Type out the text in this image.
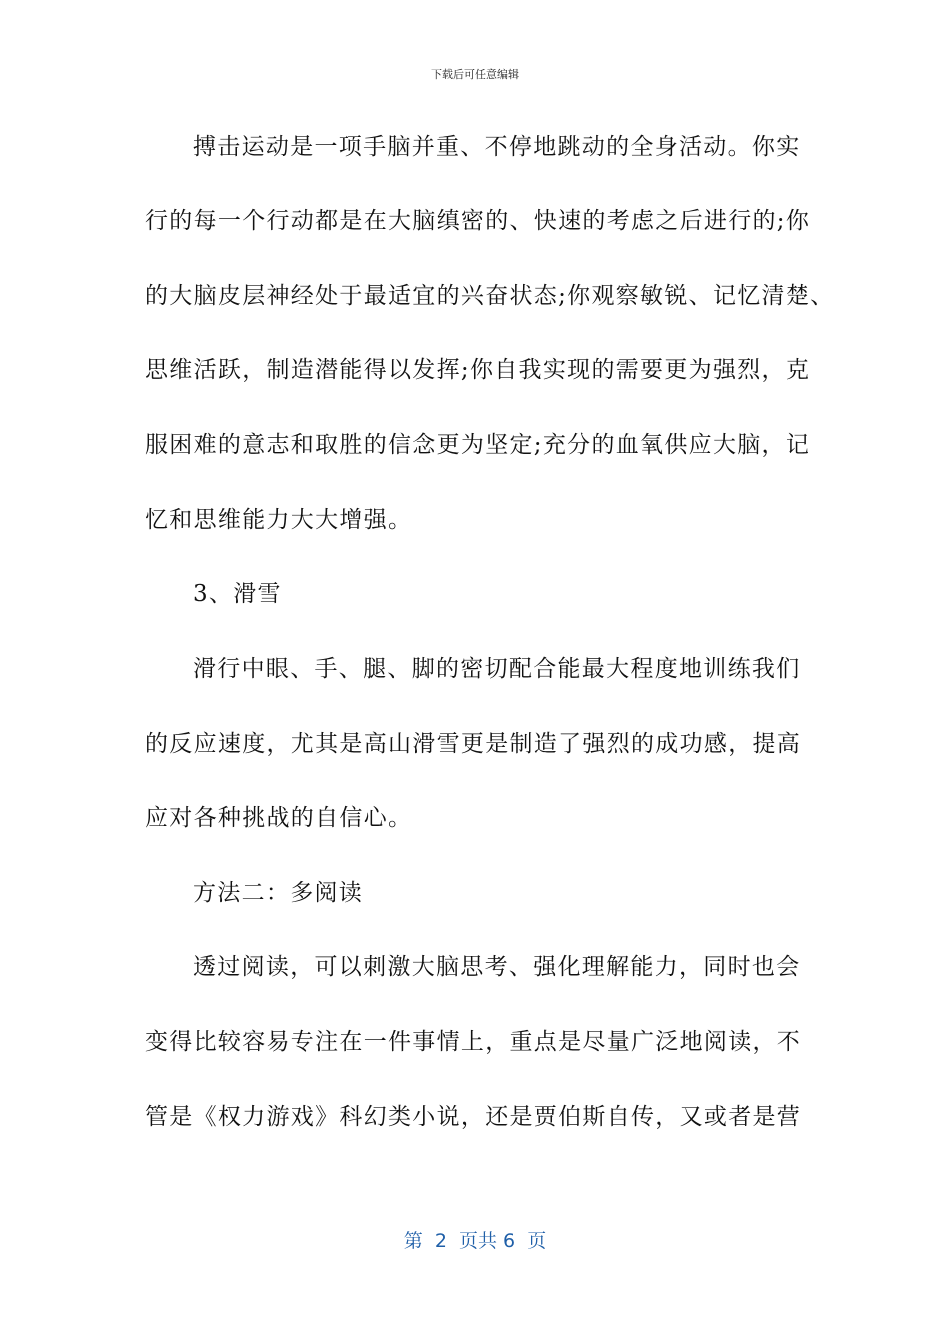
下载后可任意编辑
搏击运动是一项手脑并重、不停地跳动的全身活动。你实
行的每一个行动都是在大脑缜密的、快速的考虑之后进行的;你
的大脑皮层神经处于最适宜的兴奋状态;你观察敏锐、记忆清楚、
思维活跃，制造潜能得以发挥;你自我实现的需要更为强烈，克
服困难的意志和取胜的信念更为坚定;充分的血氧供应大脑，记
忆和思维能力大大增强。
3、滑雪
滑行中眼、手、腿、脚的密切配合能最大程度地训练我们
的反应速度，尤其是高山滑雪更是制造了强烈的成功感，提高
应对各种挑战的自信心。
方法二：多阅读
透过阅读，可以刺激大脑思考、强化理解能力，同时也会
变得比较容易专注在一件事情上，重点是尽量广泛地阅读，不
管是《权力游戏》科幻类小说，还是贾伯斯自传，又或者是营
第  2  页共 6  页
